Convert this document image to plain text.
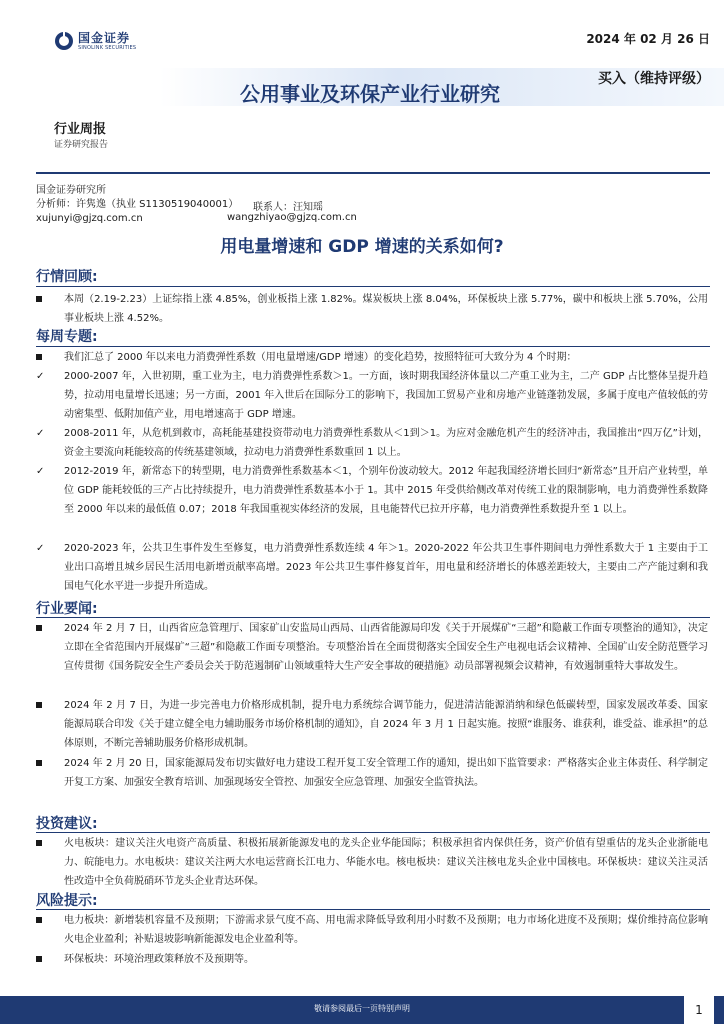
国金证券
SINOLINK SECURITIES
2024 年 02 月 26 日
公用事业及环保产业行业研究
买入（维持评级）
行业周报
证券研究报告
国金证券研究所
分析师：许隽逸（执业 S1130519040001）
xujunyi@gjzq.com.cn
联系人：汪知瑶
wangzhiyao@gjzq.com.cn
用电量增速和 GDP 增速的关系如何?
行情回顾:
本周（2.19-2.23）上证综指上涨 4.85%，创业板指上涨 1.82%。煤炭板块上涨 8.04%，环保板块上涨 5.77%，碳中和板块上涨 5.70%，公用事业板块上涨 4.52%。
每周专题:
我们汇总了 2000 年以来电力消费弹性系数（用电量增速/GDP 增速）的变化趋势，按照特征可大致分为 4 个时期：
✓	2000-2007 年，入世初期，重工业为主，电力消费弹性系数＞1。一方面，该时期我国经济体量以二产重工业为主，二产 GDP 占比整体呈提升趋势，拉动用电量增长迅速；另一方面，2001 年入世后在国际分工的影响下，我国加工贸易产业和房地产业链蓬勃发展，多属于度电产值较低的劳动密集型、低附加值产业，用电增速高于 GDP 增速。
✓	2008-2011 年，从危机到救市，高耗能基建投资带动电力消费弹性系数从＜1到＞1。为应对金融危机产生的经济冲击，我国推出“四万亿”计划，资金主要流向耗能较高的传统基建领域，拉动电力消费弹性系数重回 1 以上。
✓	2012-2019 年，新常态下的转型期，电力消费弹性系数基本＜1，个别年份波动较大。2012 年起我国经济增长回归“新常态”且开启产业转型，单位 GDP 能耗较低的三产占比持续提升，电力消费弹性系数基本小于 1。其中 2015 年受供给侧改革对传统工业的限制影响，电力消费弹性系数降至 2000 年以来的最低值 0.07；2018 年我国重视实体经济的发展，且电能替代已拉开序幕，电力消费弹性系数提升至 1 以上。
✓	2020-2023 年，公共卫生事件发生至修复，电力消费弹性系数连续 4 年＞1。2020-2022 年公共卫生事件期间电力弹性系数大于 1 主要由于工业出口高增且城乡居民生活用电新增贡献率高增。2023 年公共卫生事件修复首年，用电量和经济增长的体感差距较大，主要由二产产能过剩和我国电气化水平进一步提升所造成。
行业要闻:
2024 年 2 月 7 日，山西省应急管理厅、国家矿山安监局山西局、山西省能源局印发《关于开展煤矿“三超”和隐蔽工作面专项整治的通知》，决定立即在全省范围内开展煤矿“三超”和隐蔽工作面专项整治。专项整治旨在全面贯彻落实全国安全生产电视电话会议精神、全国矿山安全防范暨学习宣传贯彻《国务院安全生产委员会关于防范遏制矿山领域重特大生产安全事故的硬措施》动员部署视频会议精神，有效遏制重特大事故发生。
2024 年 2 月 7 日，为进一步完善电力价格形成机制，提升电力系统综合调节能力，促进清洁能源消纳和绿色低碳转型，国家发展改革委、国家能源局联合印发《关于建立健全电力辅助服务市场价格机制的通知》，自 2024 年 3 月 1 日起实施。按照“谁服务、谁获利，谁受益、谁承担”的总体原则，不断完善辅助服务价格形成机制。
2024 年 2 月 20 日，国家能源局发布切实做好电力建设工程开复工安全管理工作的通知，提出如下监管要求：严格落实企业主体责任、科学制定开复工方案、加强安全教育培训、加强现场安全管控、加强安全应急管理、加强安全监管执法。
投资建议:
火电板块：建议关注火电资产高质量、积极拓展新能源发电的龙头企业华能国际；积极承担省内保供任务，资产价值有望重估的龙头企业浙能电力、皖能电力。水电板块：建议关注两大水电运营商长江电力、华能水电。核电板块：建议关注核电龙头企业中国核电。环保板块：建议关注灵活性改造中全负荷脱硝环节龙头企业青达环保。
风险提示:
电力板块：新增装机容量不及预期；下游需求景气度不高、用电需求降低导致利用小时数不及预期；电力市场化进度不及预期；煤价维持高位影响火电企业盈利；补贴退坡影响新能源发电企业盈利等。
环保板块：环境治理政策释放不及预期等。
敬请参阅最后一页特别声明	1
